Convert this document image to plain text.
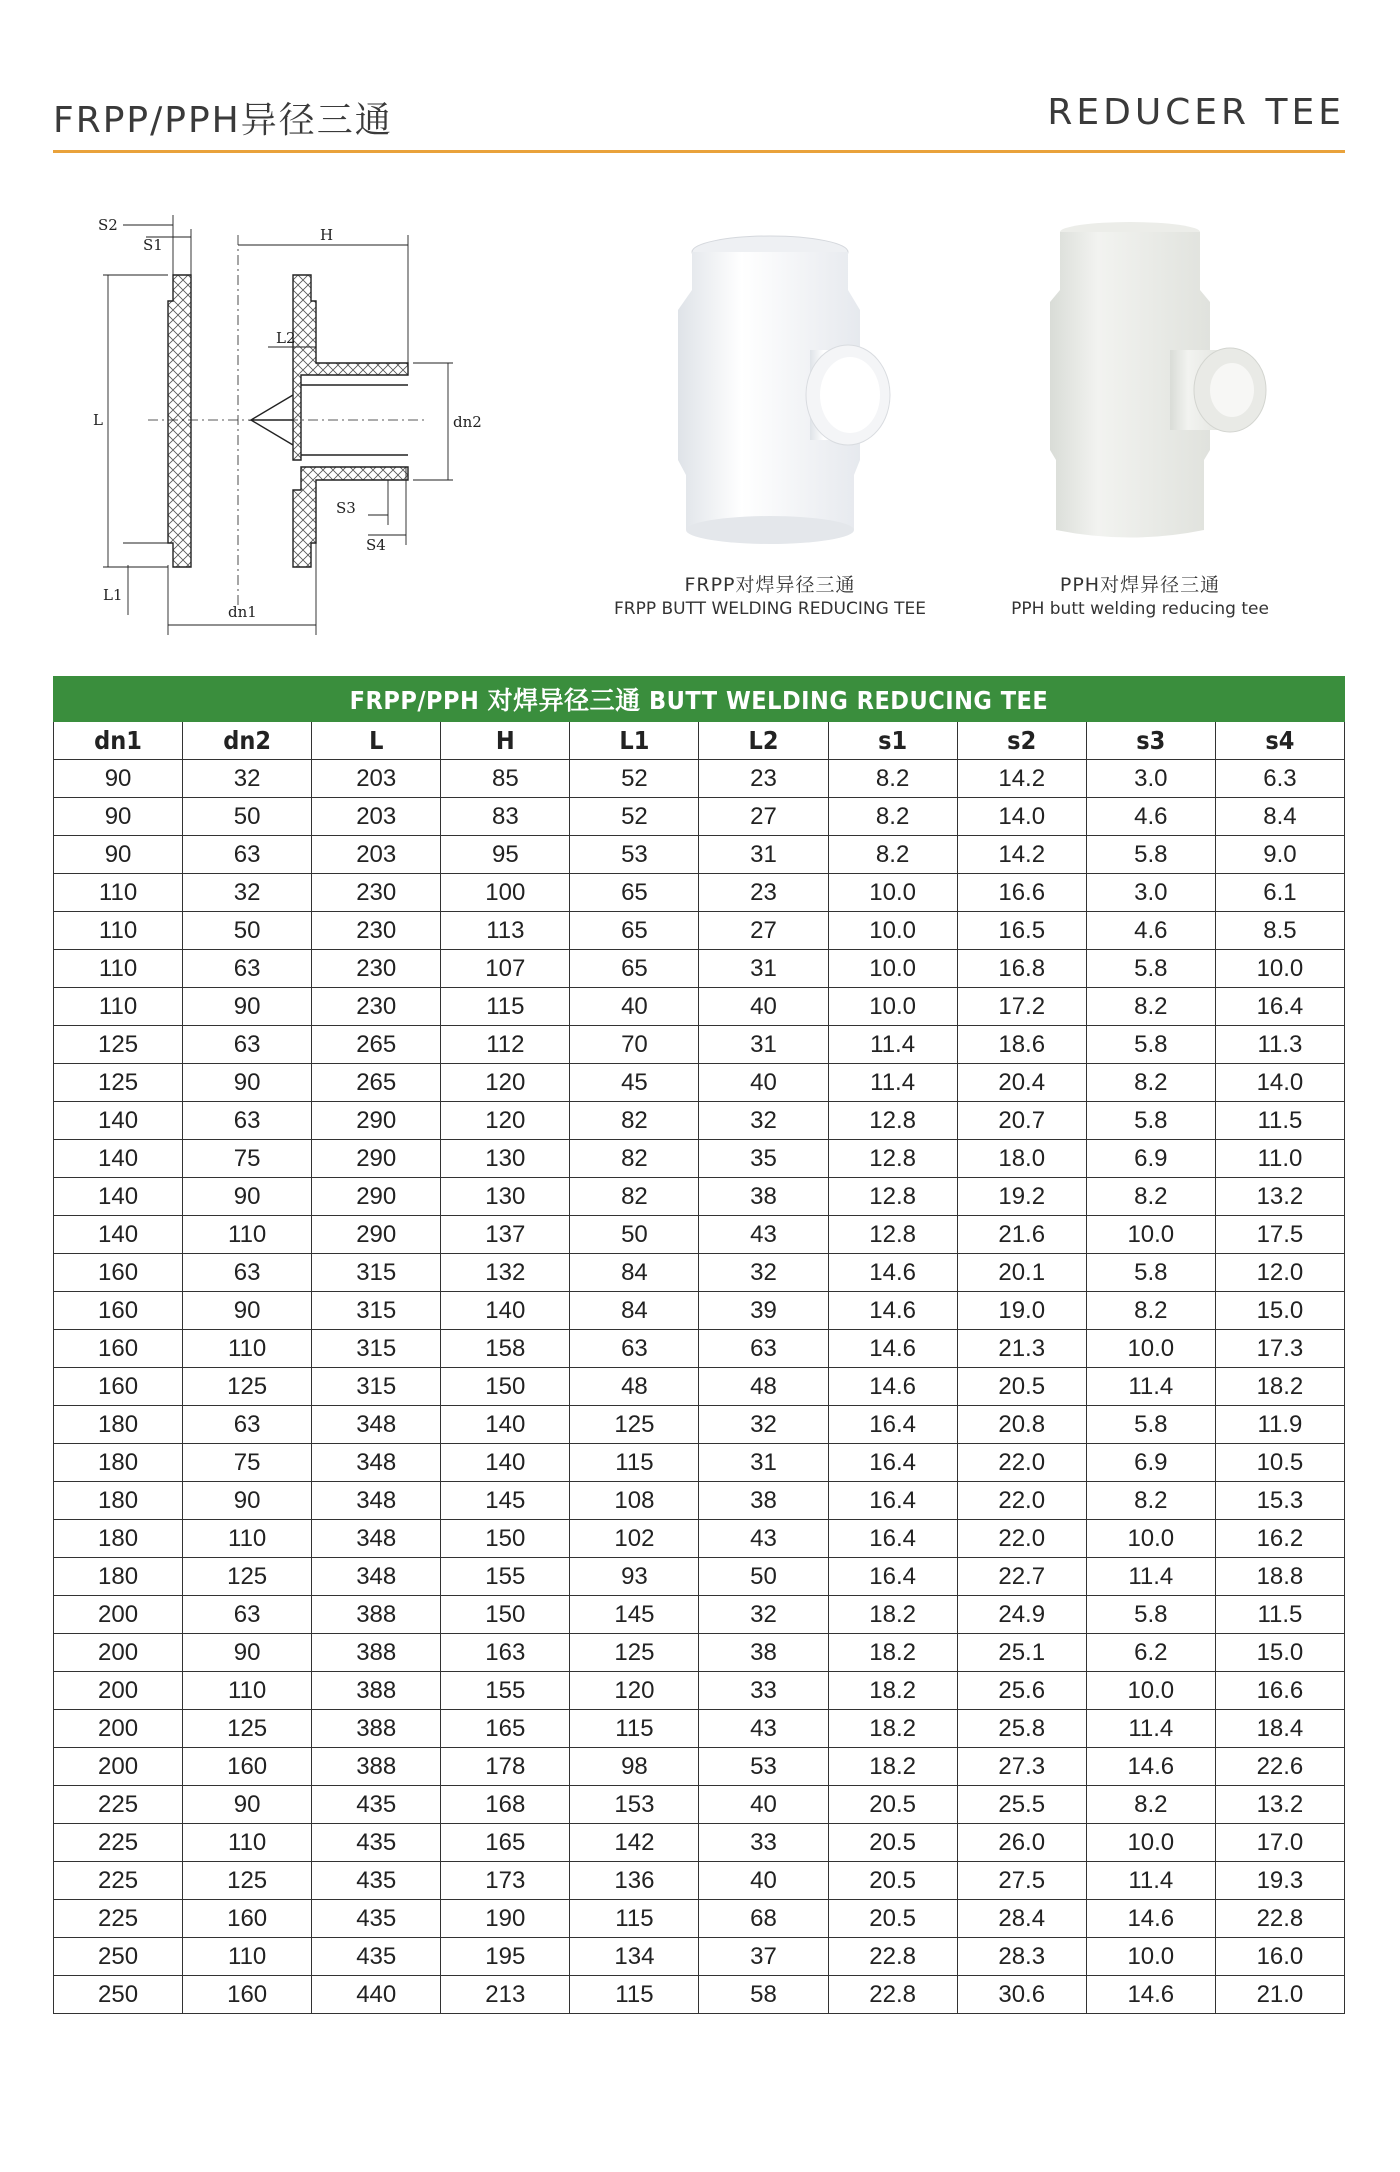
FRPP/PPH异径三通	REDUCER TEE
S2
S1
H
L2
L	dn2
S3
S4
L1
dn1
FRPP对焊异径三通
FRPP BUTT WELDING REDUCING TEE
PPH对焊异径三通
PPH butt welding reducing tee
FRPP/PPH 对焊异径三通 BUTT WELDING REDUCING TEE									
dn1	dn2	L	H	L1	L2	s1	s2	s3	s4
90	32	203	85	52	23	8.2	14.2	3.0	6.3
90	50	203	83	52	27	8.2	14.0	4.6	8.4
90	63	203	95	53	31	8.2	14.2	5.8	9.0
110	32	230	100	65	23	10.0	16.6	3.0	6.1
110	50	230	113	65	27	10.0	16.5	4.6	8.5
110	63	230	107	65	31	10.0	16.8	5.8	10.0
110	90	230	115	40	40	10.0	17.2	8.2	16.4
125	63	265	112	70	31	11.4	18.6	5.8	11.3
125	90	265	120	45	40	11.4	20.4	8.2	14.0
140	63	290	120	82	32	12.8	20.7	5.8	11.5
140	75	290	130	82	35	12.8	18.0	6.9	11.0
140	90	290	130	82	38	12.8	19.2	8.2	13.2
140	110	290	137	50	43	12.8	21.6	10.0	17.5
160	63	315	132	84	32	14.6	20.1	5.8	12.0
160	90	315	140	84	39	14.6	19.0	8.2	15.0
160	110	315	158	63	63	14.6	21.3	10.0	17.3
160	125	315	150	48	48	14.6	20.5	11.4	18.2
180	63	348	140	125	32	16.4	20.8	5.8	11.9
180	75	348	140	115	31	16.4	22.0	6.9	10.5
180	90	348	145	108	38	16.4	22.0	8.2	15.3
180	110	348	150	102	43	16.4	22.0	10.0	16.2
180	125	348	155	93	50	16.4	22.7	11.4	18.8
200	63	388	150	145	32	18.2	24.9	5.8	11.5
200	90	388	163	125	38	18.2	25.1	6.2	15.0
200	110	388	155	120	33	18.2	25.6	10.0	16.6
200	125	388	165	115	43	18.2	25.8	11.4	18.4
200	160	388	178	98	53	18.2	27.3	14.6	22.6
225	90	435	168	153	40	20.5	25.5	8.2	13.2
225	110	435	165	142	33	20.5	26.0	10.0	17.0
225	125	435	173	136	40	20.5	27.5	11.4	19.3
225	160	435	190	115	68	20.5	28.4	14.6	22.8
250	110	435	195	134	37	22.8	28.3	10.0	16.0
250	160	440	213	115	58	22.8	30.6	14.6	21.0
